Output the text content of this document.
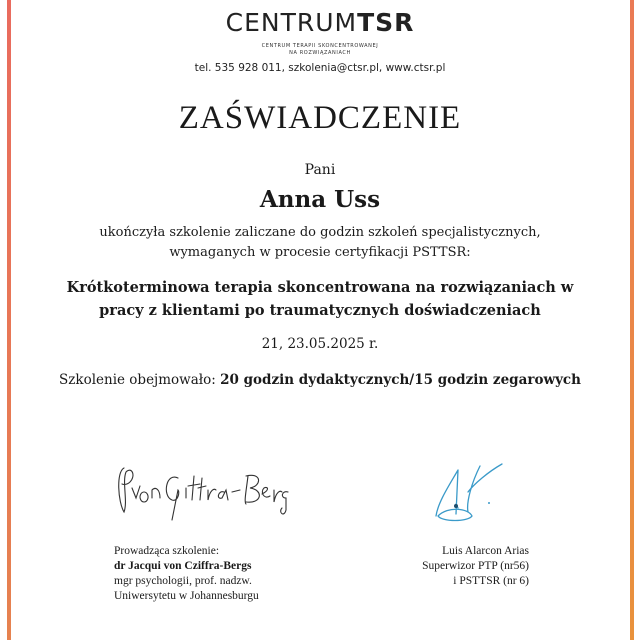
CENTRUMTSR
CENTRUM TERAPII SKONCENTROWANEJ
NA ROZWIĄZANIACH
tel. 535 928 011, szkolenia@ctsr.pl, www.ctsr.pl
ZAŚWIADCZENIE
Pani
Anna Uss
ukończyła szkolenie zaliczane do godzin szkoleń specjalistycznych,
wymaganych w procesie certyfikacji PSTTSR:
Krótkoterminowa terapia skoncentrowana na rozwiązaniach w
pracy z klientami po traumatycznych doświadczeniach
21, 23.05.2025 r.
Szkolenie obejmowało: 20 godzin dydaktycznych/15 godzin zegarowych
Prowadząca szkolenie:
dr Jacqui von Cziffra-Bergs
mgr psychologii, prof. nadzw.
Uniwersytetu w Johannesburgu
Luis Alarcon Arias
Superwizor PTP (nr56)
i PSTTSR (nr 6)
